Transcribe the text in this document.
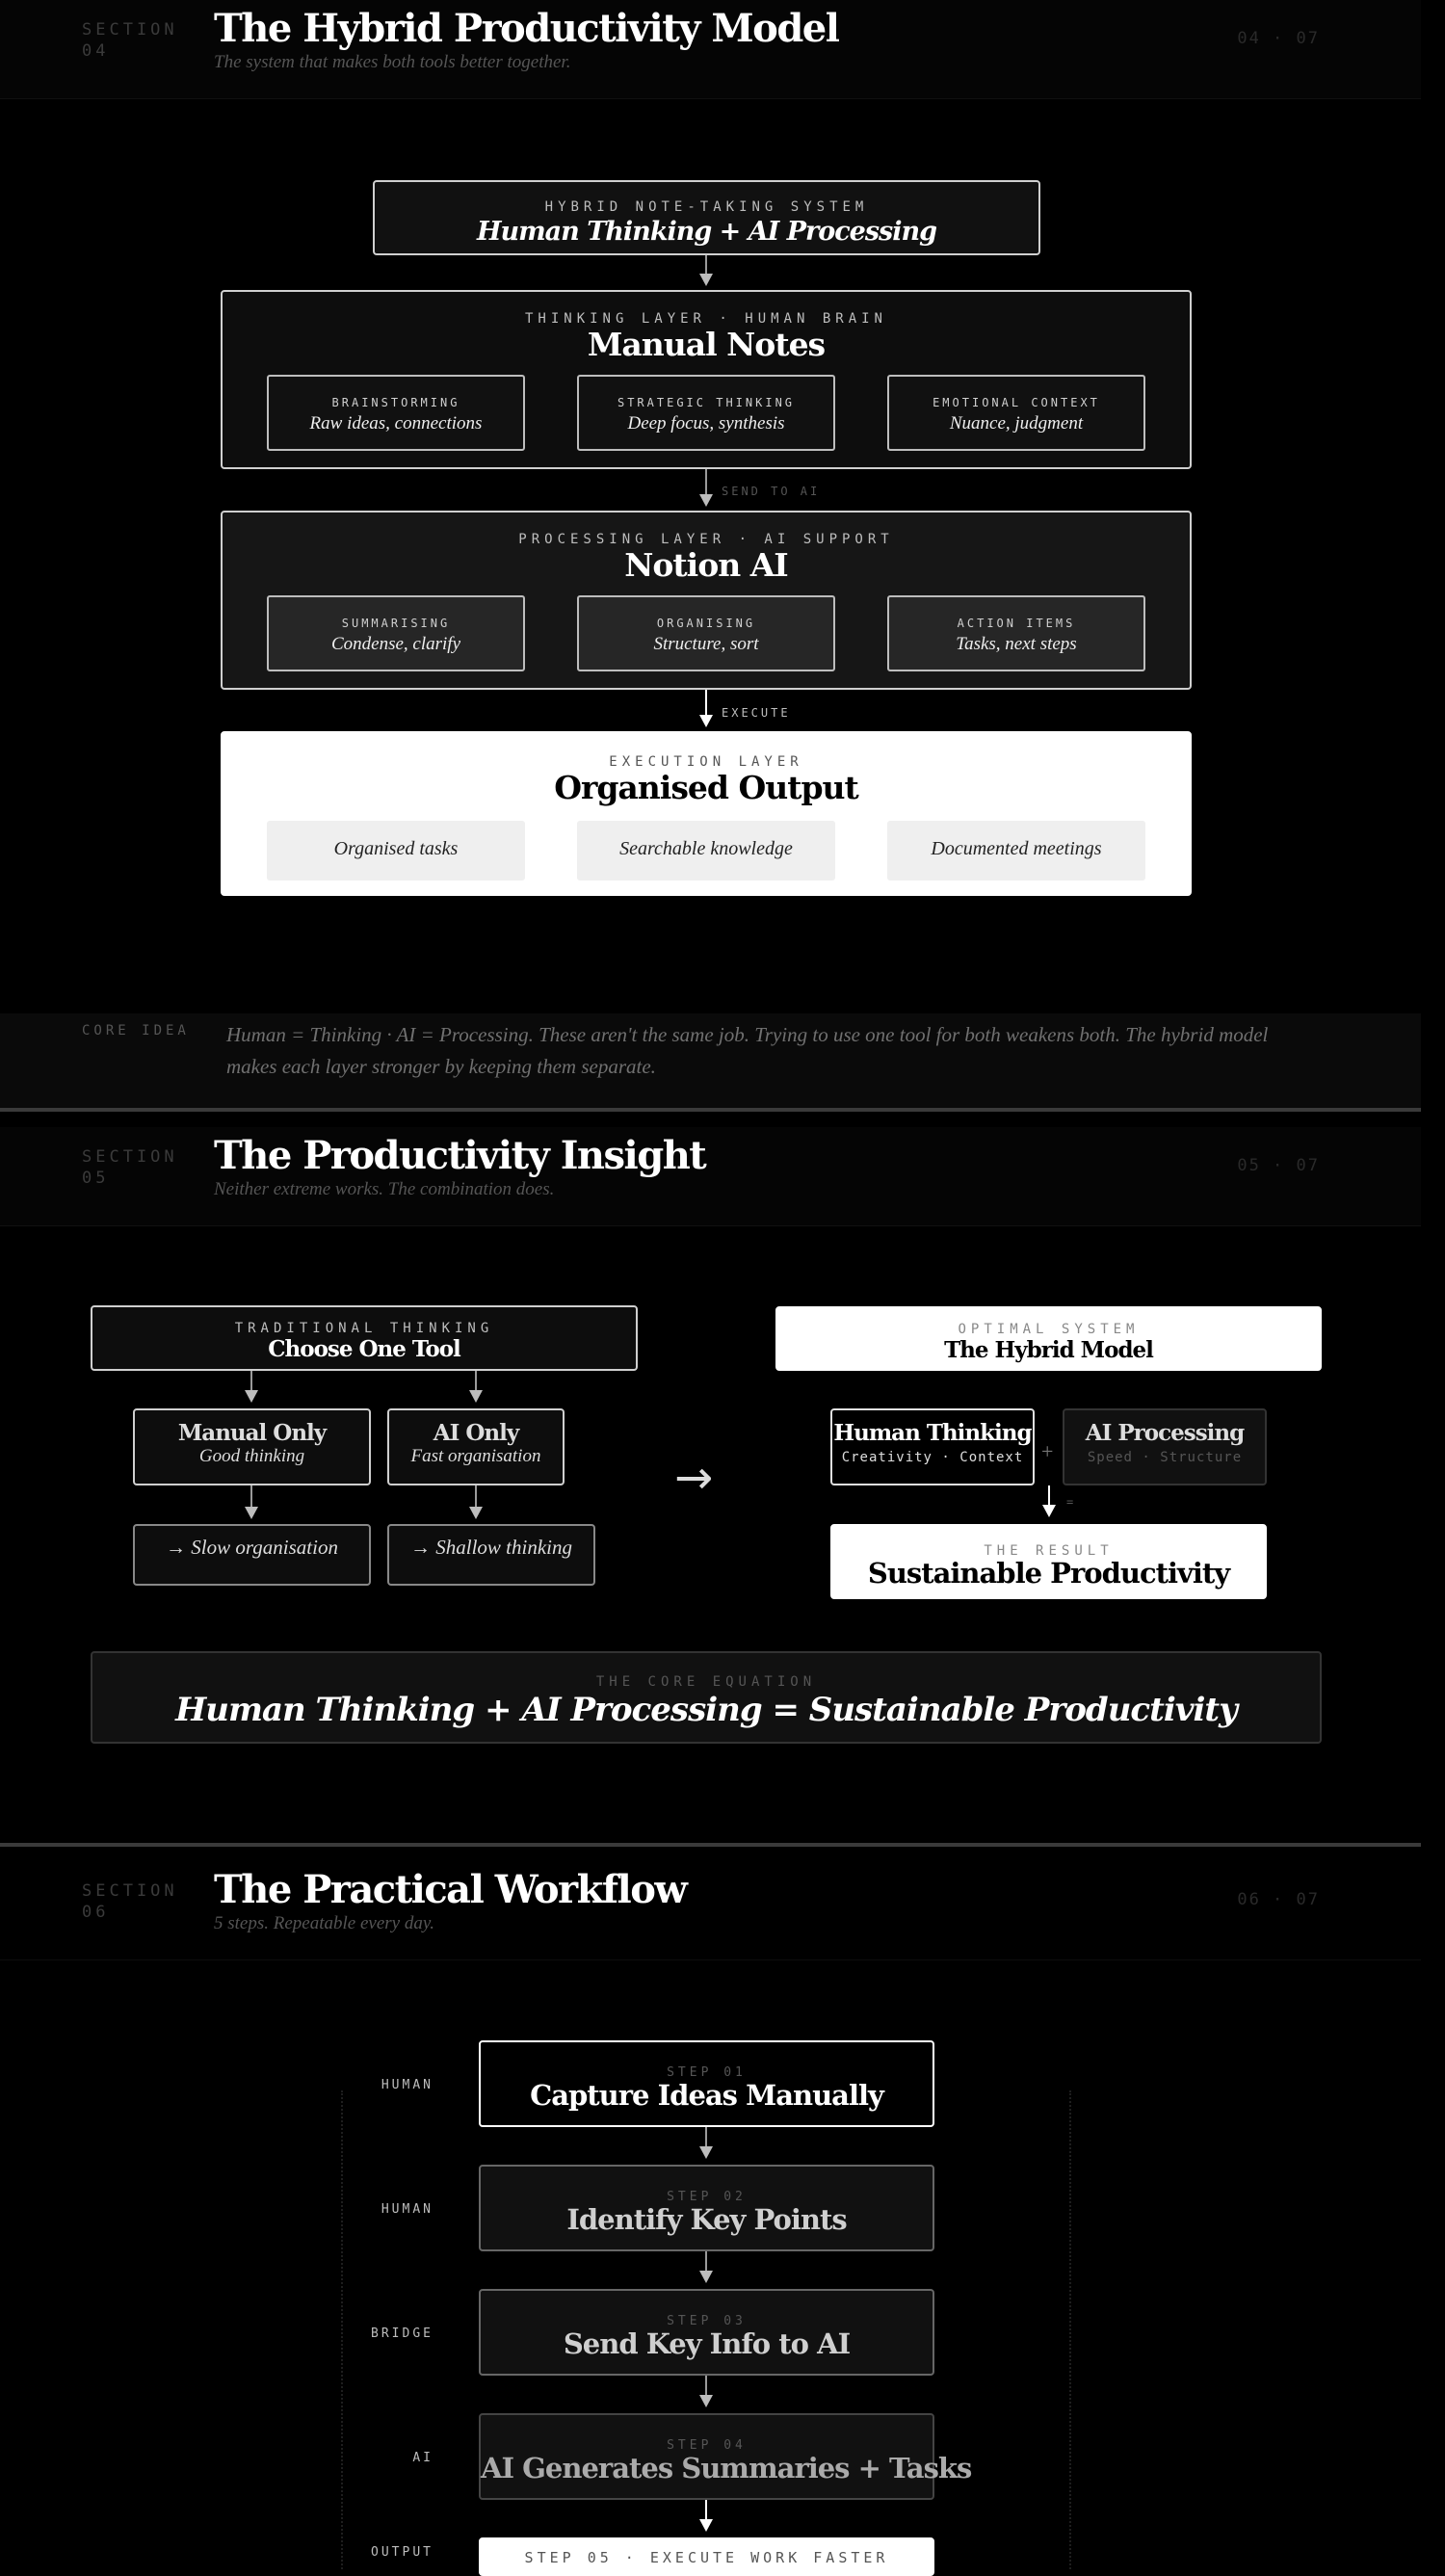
SECTION
04	The Hybrid Productivity Model
The system that makes both tools better together.
04 · 07
HYBRID NOTE-TAKING SYSTEM
Human Thinking + AI Processing
THINKING LAYER · HUMAN BRAIN
Manual Notes
BRAINSTORMING
Raw ideas, connections
STRATEGIC THINKING
Deep focus, synthesis
EMOTIONAL CONTEXT
Nuance, judgment
SEND TO AI
PROCESSING LAYER · AI SUPPORT
Notion AI
SUMMARISING
Condense, clarify
ORGANISING
Structure, sort
ACTION ITEMS
Tasks, next steps
EXECUTE
EXECUTION LAYER
Organised Output
Organised tasks	Searchable knowledge	Documented meetings
CORE IDEA Human = Thinking · AI = Processing. These aren't the same job. Trying to use one tool for both weakens both. The hybrid model makes each layer stronger by keeping them separate.
SECTION
05	The Productivity Insight
Neither extreme works. The combination does.
05 · 07
TRADITIONAL THINKING
Choose One Tool
Manual Only
Good thinking
AI Only
Fast organisation
→ Slow organisation	→ Shallow thinking
→
OPTIMAL SYSTEM
The Hybrid Model
Human Thinking
Creativity · Context +
AI Processing
Speed · Structure
=
THE RESULT
Sustainable Productivity
THE CORE EQUATION
Human Thinking + AI Processing = Sustainable Productivity
SECTION
06	The Practical Workflow
5 steps. Repeatable every day.
06 · 07
HUMAN
STEP 01
Capture Ideas Manually
HUMAN
STEP 02
Identify Key Points
BRIDGE
STEP 03
Send Key Info to AI
AI
STEP 04
AI Generates Summaries + Tasks
OUTPUT	STEP 05 · EXECUTE WORK FASTER
